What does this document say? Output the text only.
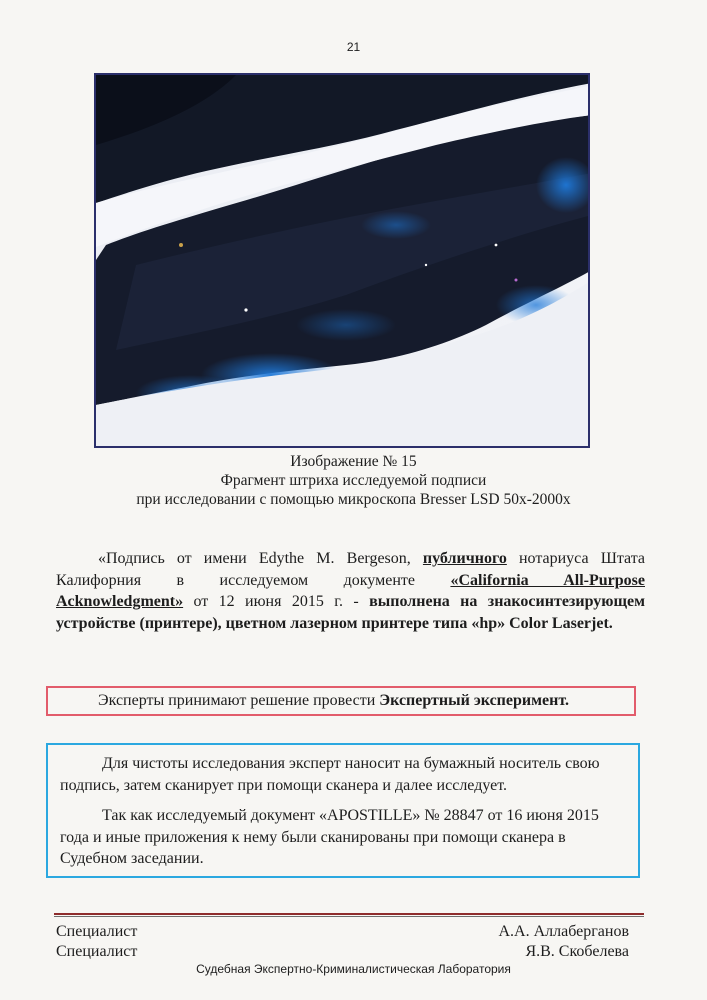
21
Изображение № 15
Фрагмент штриха исследуемой подписи
при исследовании с помощью микроскопа Bresser LSD 50x-2000x
«Подпись от имени Edythe M. Bergeson, публичного нотариуса Штата
Калифорния в исследуемом документе «California All-Purpose
Acknowledgment» от 12 июня 2015 г. - выполнена на знакосинтезирующем
устройстве (принтере), цветном лазерном принтере типа «hp» Color Laserjet.
Эксперты принимают решение провести Экспертный эксперимент.

Для чистоты исследования эксперт наносит на бумажный носитель свою
подпись, затем сканирует при помощи сканера и далее исследует.

Так как исследуемый документ «APOSTILLE» № 28847 от 16 июня 2015
года и иные приложения к нему были сканированы при помощи сканера в
Судебном заседании.

Специалист
Специалист
А.А. Аллаберганов
Я.В. Скобелева
Судебная Экспертно-Криминалистическая Лаборатория
